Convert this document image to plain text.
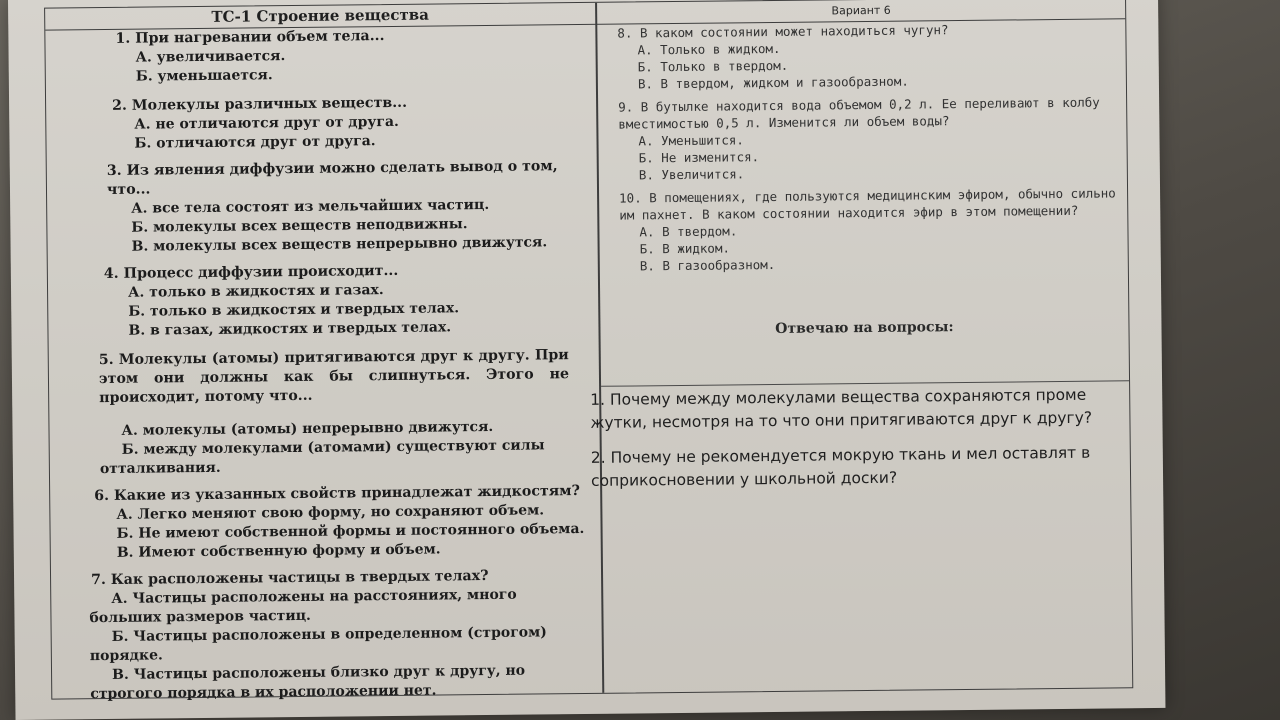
ТС-1 Строение вещества	Вариант 6
1. При нагревании объем тела...
А. увеличивается.
Б. уменьшается.
2. Молекулы различных веществ...
А. не отличаются друг от друга.
Б. отличаются друг от друга.
3. Из явления диффузии можно сделать вывод о том, что...
А. все тела состоят из мельчайших частиц.
Б. молекулы всех веществ неподвижны.
В. молекулы всех веществ непрерывно движутся.
4. Процесс диффузии происходит...
А. только в жидкостях и газах.
Б. только в жидкостях и твердых телах.
В. в газах, жидкостях и твердых телах.
5. Молекулы (атомы) притягиваются друг к другу. При этом они должны как бы слипнуться. Этого не происходит, потому что...
А. молекулы (атомы) непрерывно движутся.
Б. между молекулами (атомами) существуют силы отталкивания.
6. Какие из указанных свойств принадлежат жидкостям?
А. Легко меняют свою форму, но сохраняют объем.
Б. Не имеют собственной формы и постоянного объема.
В. Имеют собственную форму и объем.
7. Как расположены частицы в твердых телах?
А. Частицы расположены на расстояниях, много больших размеров частиц.
Б. Частицы расположены в определенном (строгом) порядке.
В. Частицы расположены близко друг к другу, но строгого порядка в их расположении нет.
8. В каком состоянии может находиться чугун?
А. Только в жидком.
Б. Только в твердом.
В. В твердом, жидком и газообразном.
9. В бутылке находится вода объемом 0,2 л. Ее переливают в колбу вместимостью 0,5 л. Изменится ли объем воды?
А. Уменьшится.
Б. Не изменится.
В. Увеличится.
10. В помещениях, где пользуются медицинским эфиром, обычно сильно им пахнет. В каком состоянии находится эфир в этом помещении?
А. В твердом.
Б. В жидком.
В. В газообразном.
Отвечаю на вопросы:

1. Почему между молекулами вещества сохраняются проме жутки, несмотря на то что они притягиваются друг к другу?

2. Почему не рекомендуется мокрую ткань и мел оставлят в соприкосновении у школьной доски?
